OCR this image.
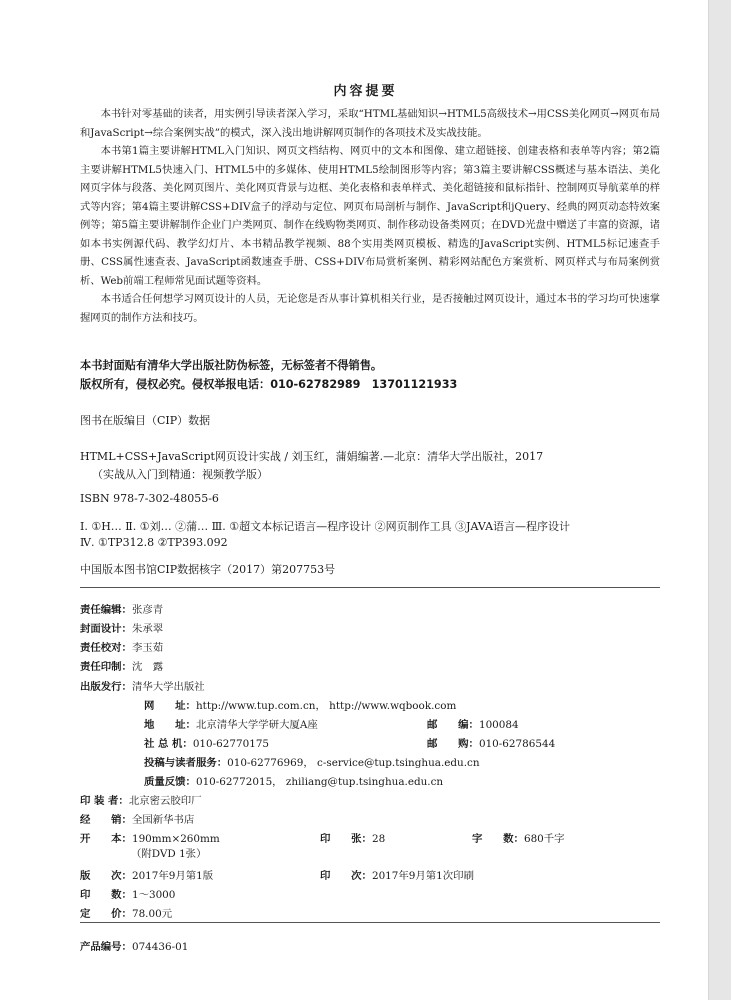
内容提要

本书针对零基础的读者，用实例引导读者深入学习，采取“HTML基础知识→HTML5高级技术→用CSS美化网页→网页布局和JavaScript→综合案例实战”的模式，深入浅出地讲解网页制作的各项技术及实战技能。

本书第1篇主要讲解HTML入门知识、网页文档结构、网页中的文本和图像、建立超链接、创建表格和表单等内容；第2篇主要讲解HTML5快速入门、HTML5中的多媒体、使用HTML5绘制图形等内容；第3篇主要讲解CSS概述与基本语法、美化网页字体与段落、美化网页图片、美化网页背景与边框、美化表格和表单样式、美化超链接和鼠标指针、控制网页导航菜单的样式等内容；第4篇主要讲解CSS+DIV盒子的浮动与定位、网页布局剖析与制作、JavaScript和jQuery、经典的网页动态特效案例等；第5篇主要讲解制作企业门户类网页、制作在线购物类网页、制作移动设备类网页；在DVD光盘中赠送了丰富的资源，诸如本书实例源代码、教学幻灯片、本书精品教学视频、88个实用类网页模板、精选的JavaScript实例、HTML5标记速查手册、CSS属性速查表、JavaScript函数速查手册、CSS+DIV布局赏析案例、精彩网站配色方案赏析、网页样式与布局案例赏析、Web前端工程师常见面试题等资料。

本书适合任何想学习网页设计的人员，无论您是否从事计算机相关行业，是否接触过网页设计，通过本书的学习均可快速掌握网页的制作方法和技巧。

本书封面贴有清华大学出版社防伪标签，无标签者不得销售。
版权所有，侵权必究。侵权举报电话：010-62782989　13701121933
图书在版编目（CIP）数据
HTML+CSS+JavaScript网页设计实战 / 刘玉红，蒲娟编著.—北京：清华大学出版社，2017
（实战从入门到精通：视频教学版）
ISBN 978-7-302-48055-6
Ⅰ. ①H… Ⅱ. ①刘… ②蒲… Ⅲ. ①超文本标记语言—程序设计 ②网页制作工具 ③JAVA语言—程序设计
Ⅳ. ①TP312.8 ②TP393.092
中国版本图书馆CIP数据核字（2017）第207753号
责任编辑：张彦青
封面设计：朱承翠
责任校对：李玉茹
责任印制：沈　露
出版发行：清华大学出版社
网　　址：http://www.tup.com.cn， http://www.wqbook.com
地　　址：北京清华大学学研大厦A座	邮　　编：100084
社 总 机：010-62770175	邮　　购：010-62786544
投稿与读者服务：010-62776969， c-service@tup.tsinghua.edu.cn
质量反馈：010-62772015， zhiliang@tup.tsinghua.edu.cn
印 装 者：北京密云胶印厂
经　　销：全国新华书店
开　　本：190mm×260mm	印　　张：28	字　　数：680千字
（附DVD 1张）
版　　次：2017年9月第1版	印　　次：2017年9月第1次印刷
印　　数：1～3000
定　　价：78.00元
产品编号：074436-01
